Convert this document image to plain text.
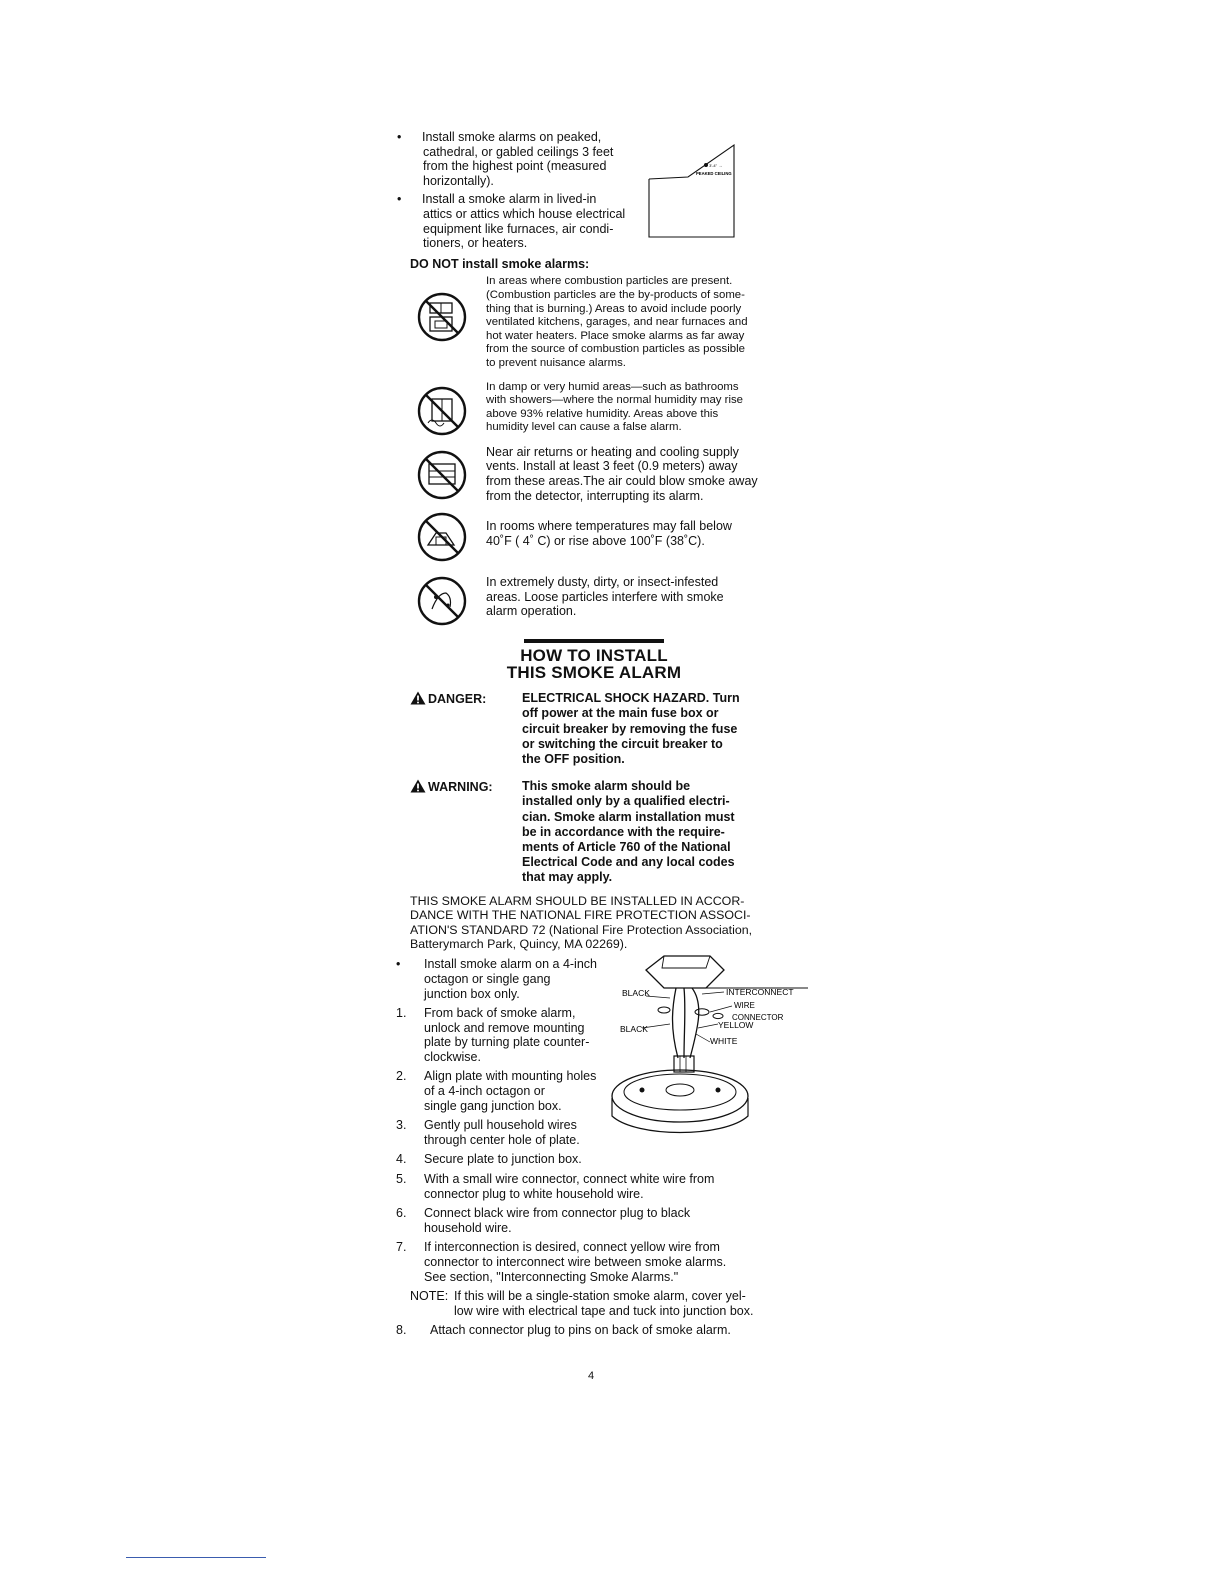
• Install smoke alarms on peaked,
cathedral, or gabled ceilings 3 feet
from the highest point (measured
horizontally).
• Install a smoke alarm in lived-in
attics or attics which house electrical
equipment like furnaces, air condi-
tioners, or heaters.
DO NOT install smoke alarms:
In areas where combustion particles are present.
(Combustion particles are the by-products of some-
thing that is burning.) Areas to avoid include poorly
ventilated kitchens, garages, and near furnaces and
hot water heaters. Place smoke alarms as far away
from the source of combustion particles as possible
to prevent nuisance alarms.
In damp or very humid areas—such as bathrooms
with showers—where the normal humidity may rise
above 93% relative humidity. Areas above this
humidity level can cause a false alarm.
Near air returns or heating and cooling supply
vents. Install at least 3 feet (0.9 meters) away
from these areas.The air could blow smoke away
from the detector, interrupting its alarm.
In rooms where temperatures may fall below
40˚F ( 4˚ C) or rise above 100˚F (38˚C).
In extremely dusty, dirty, or insect-infested
areas. Loose particles interfere with smoke
alarm operation.
HOW TO INSTALL
THIS SMOKE ALARM
DANGER:	ELECTRICAL SHOCK HAZARD. Turn
off power at the main fuse box or
circuit breaker by removing the fuse
or switching the circuit breaker to
the OFF position.
WARNING: This smoke alarm should be
installed only by a qualified electri-
cian. Smoke alarm installation must
be in accordance with the require-
ments of Article 760 of the National
Electrical Code and any local codes
that may apply.
THIS SMOKE ALARM SHOULD BE INSTALLED IN ACCOR-
DANCE WITH THE NATIONAL FIRE PROTECTION ASSOCI-
ATION'S STANDARD 72 (National Fire Protection Association,
Batterymarch Park, Quincy, MA 02269).
• Install smoke alarm on a 4-inch
octagon or single gang
junction box only.
1. From back of smoke alarm,
unlock and remove mounting
plate by turning plate counter-
clockwise.
2. Align plate with mounting holes
of a 4-inch octagon or
single gang junction box.
3. Gently pull household wires
through center hole of plate.
4. Secure plate to junction box.
5. With a small wire connector, connect white wire from
connector plug to white household wire.
6. Connect black wire from connector plug to black
household wire.
7. If interconnection is desired, connect yellow wire from
connector to interconnect wire between smoke alarms.
See section, "Interconnecting Smoke Alarms."
NOTE: If this will be a single-station smoke alarm, cover yel-
low wire with electrical tape and tuck into junction box.
8. Attach connector plug to pins on back of smoke alarm.
← 3'-4" →
PEAKED CEILING
BLACK	INTERCONNECT
WIRE
CONNECTOR
YELLOW
BLACK
WHITE
4
